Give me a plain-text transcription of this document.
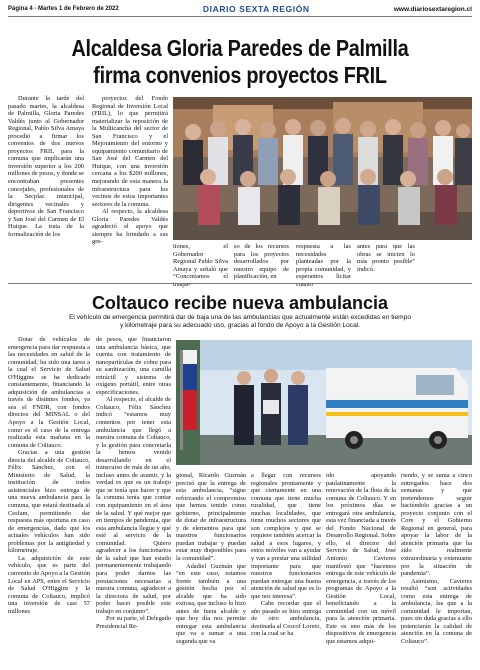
Página 4 - Martes 1 de Febrero de 2022	DIARIO SEXTA REGIÓN	www.diariosextaregion.cl
Alcaldesa Gloria Paredes de Palmilla
firma convenios proyectos FRIL

Durante la tarde del pasado martes, la alcaldesa de Palmilla, Gloria Paredes Valdés junto al Gobernador Regional, Pablo Silva Amaya procedió a firmar los convenios de dos nuevos proyectos FRIL para la comuna que implicarán una inversión superior a los 200 millones de pesos, y donde se encontraban presentes concejales, profesionales de la Secplac municipal, dirigentes vecinales y deportivos de San Francisco y San José del Carmen de El Huique. La trata de la formalización de los

proyectos del Fondo Regional de Inversión Local (FRIL), lo que permitirá materializar la reposición de la Multicancha del sector de San Francisco y el Mejoramiento del entorno y equipamiento comunitario de San José del Carmen del Huique, con una inversión cercana a los $200 millones, mejorando de esta manera la infraestructura para los vecinos de estos importantes sectores de la comuna.

Al respecto, la alcaldesa Gloria Paredes Valdés agradeció el apoyo que siempre ha brindado a sus ges-

tiones, el Gobernador Regional Pablo Silva Amaya y señaló que “Concretamos el traspa-

so de los recursos para los proyectos desarrollados por nuestro equipo de planificación, en

respuesta a las necesidades planteadas por la propia comunidad, y esperamos licitar cuanto

antes para que las obras se inicien lo más pronto posible” indicó.

Coltauco recibe nueva ambulancia
El vehículo de emergencia permitirá dar de baja una de las ambulancias que actualmente están excedidas en tiempo
y kilometraje para su adecuado uso, gracias al fondo de Apoyo a la Gestión Local.

Dotar de vehículos de emergencia para dar respuesta a las necesidades en salud de la comunidad, ha sido una tarea a la cual el Servicio de Salud O'Higgins se ha dedicado constantemente, financiando la adquisición de ambulancias a través de distintos fondos, ya sea el FNDR, con fondos directos del MINSAL o del Apoyo a la Gestión Local, como es el caso de la entrega realizada esta mañana en la comuna de Coltauco.

Gracias a una gestión directa del alcalde de Coltauco, Félix Sánchez, con el Ministerio de Salud, la institución de todos asistenciales hizo entrega de una nueva ambulancia para la comuna, que estará destinada al Cesfam, permitiendo dar respuesta más oportuna en caso de emergencias, dado que los actuales vehículos han sido problemas por la antigüedad y kilometraje.

La adquisición de este vehículo, que es parte del convenio de Apoyo a la Gestión Local en APS, entre el Servicio de Salud O'Higgins y la comuna de Coltauco, implicó una inversión de casi 57 millones

de pesos, que financiaron una ambulancia básica, que cuenta con tratamiento de nanopartículas de cobre para su sanitización, una camilla retráctil y sistema de oxígeno portátil, entre otras especificaciones.

Al respecto, el alcalde de Coltauco, Félix Sánchez indicó “estamos muy contentos por tener esta ambulancia que llegó a nuestra comuna de Coltauco, y la gestión para concretarla la hemos venido desarrollando en el transcurso de más de un año, incluso antes de asumir, y la verdad es que es un trabajo que se tenía que hacer y que la comuna tenía que contar con equipamiento en el área de la salud. Y qué mejor que en tiempos de pandemia, que esta ambulancia llegue y qué esté al servicio de la comunidad. Quiero agradecer a los funcionarios de la salud que han estado permanentemente trabajando para poder darnos las prestaciones necesarias a nuestra comuna, agradecer a la directora de salud, por poder hacer posible este trabajo en conjunto”.

Por su parte, el Delegado Presidencial Re-

gional, Ricardo Guzmán precisó que la entrega de esta ambulancia, “sigue reforzando el compromiso que hemos tenido como gobierno, principalmente de dotar de infraestructura y de elementos para que nuestros funcionarios puedan trabajar y puedan estar muy disponibles para la comunidad”.

Adadiel Guzmán que “en este caso, estamos frente también a una gestión hecha por el alcalde que ha sido exitosa, que incluso lo hizo antes de fuera alcalde y que hoy día nos permite entregar esta ambulancia que va a sumar a una segunda que va

a llegar con recursos regionales prontamente y que ciertamente en una comuna que tiene mucha ruralidad, que tiene muchas localidades, que tiene muchos sectores que son complejos y que se requiere también acercar la salud a esos lugares, y estos móviles van a ayudar y van a prestar una utilidad importante para que nuestros funcionarios puedan entregar una buena atención de salud que es lo que nos interesa”.

Cabe recordar que el año pasado se hizo entrega de otro ambulancia, destinada al Cescof Loreto, con la cual se ha

ido apoyando paulatinamente la renovación de la flota de la comuna de Coltauco. Y en los próximos días se entregará otra ambulancia, esta vez financiada a través del Fondo Nacional de Desarrollo Regional. Sobre ello, el director del Servicio de Salud, José Antonio Cavieres manifestó que “hacemos entrega de este vehículo de emergencia, a través de los programas de Apoyo a la Gestión Local, beneficiando a la comunidad con un móvil para la atención primaria. Este es uno más de los dispositivos de emergencia que estamos adqui-

riendo, y se suma a cinco entregados hace dos semanas y que pretendemos seguir haciéndolo gracias a un proyecto conjunto con el Core y el Gobierno Regional en general, para apoyar la labor de la atención primaria que ha sido realmente extraordinaria y extenuante por la situación de pandemia”.

Asimismo, Cavieres resaltó “son actividades como esta entrega de ambulancia, las que a la comunidad le importan, pues sin duda gracias a ello potenciarán la calidad de atención en la comuna de Coltauco”.
